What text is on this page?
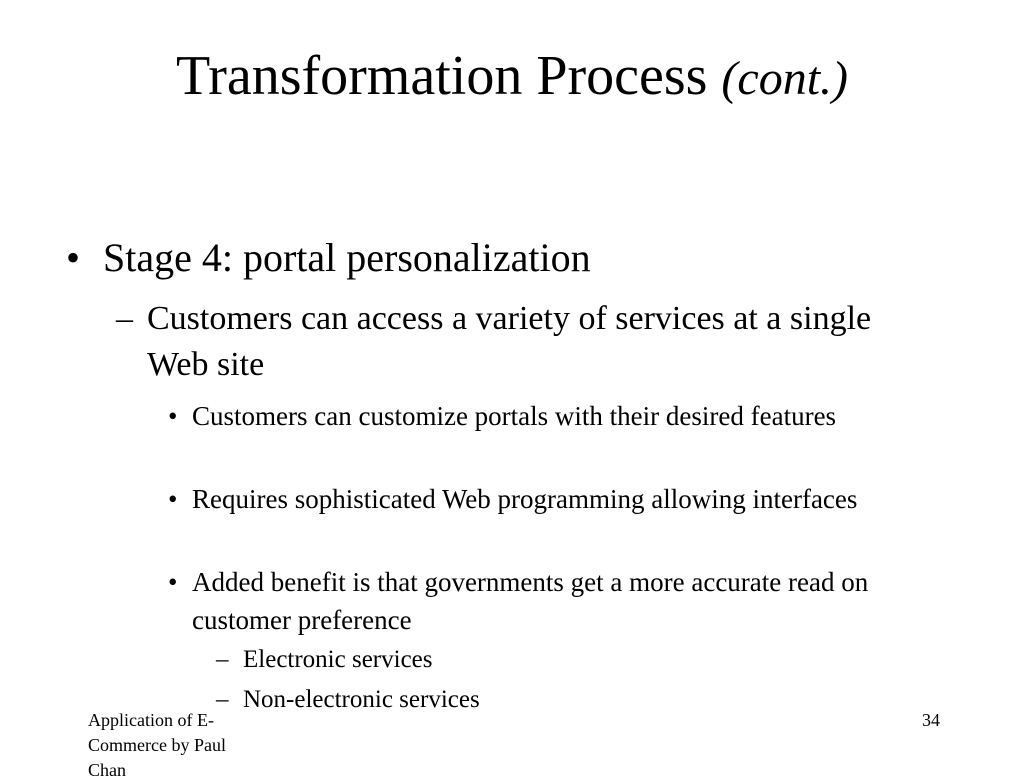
Transformation Process (cont.)
• Stage 4: portal personalization
– Customers can access a variety of services at a single Web site
• Customers can customize portals with their desired features
• Requires sophisticated Web programming allowing interfaces
• Added benefit is that governments get a more accurate read on customer preference
– Electronic services
– Non-electronic services
Application of E-Commerce by Paul Chan
34
